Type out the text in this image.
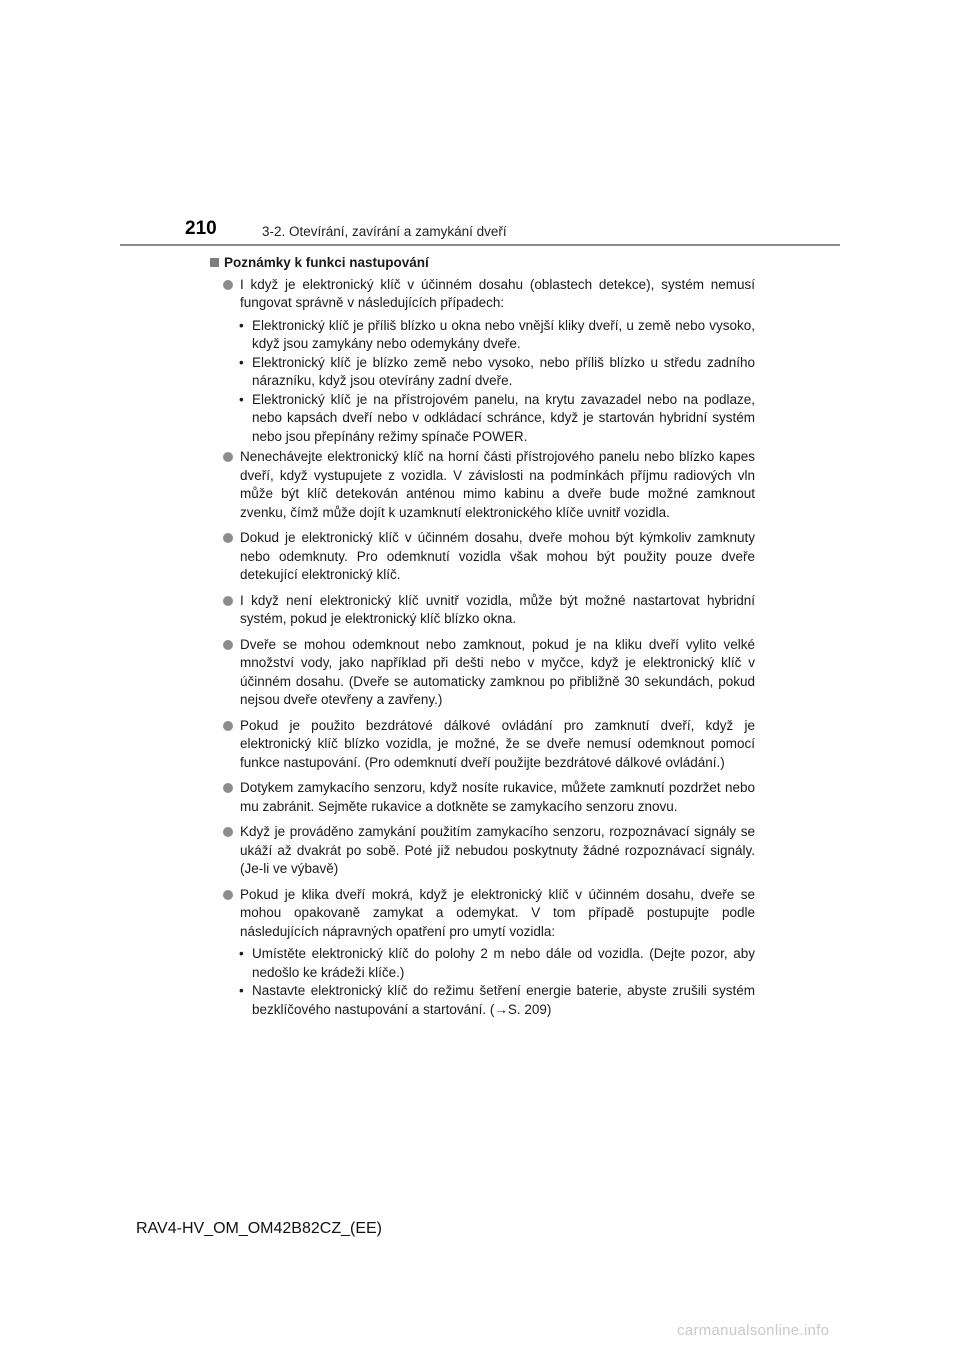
210	3-2. Otevírání, zavírání a zamykání dveří
Poznámky k funkci nastupování
I když je elektronický klíč v účinném dosahu (oblastech detekce), systém nemusí fungovat správně v následujících případech:
• Elektronický klíč je příliš blízko u okna nebo vnější kliky dveří, u země nebo vysoko, když jsou zamykány nebo odemykány dveře.
• Elektronický klíč je blízko země nebo vysoko, nebo příliš blízko u středu zadního nárazníku, když jsou otevírány zadní dveře.
• Elektronický klíč je na přístrojovém panelu, na krytu zavazadel nebo na podlaze, nebo kapsách dveří nebo v odkládací schránce, když je startován hybridní systém nebo jsou přepínány režimy spínače POWER.
Nenechávejte elektronický klíč na horní části přístrojového panelu nebo blízko kapes dveří, když vystupujete z vozidla. V závislosti na podmínkách příjmu radiových vln může být klíč detekován anténou mimo kabinu a dveře bude možné zamknout zvenku, čímž může dojít k uzamknutí elektronického klíče uvnitř vozidla.
Dokud je elektronický klíč v účinném dosahu, dveře mohou být kýmkoliv zamknuty nebo odemknuty. Pro odemknutí vozidla však mohou být použity pouze dveře detekující elektronický klíč.
I když není elektronický klíč uvnitř vozidla, může být možné nastartovat hybridní systém, pokud je elektronický klíč blízko okna.
Dveře se mohou odemknout nebo zamknout, pokud je na kliku dveří vylito velké množství vody, jako například při dešti nebo v myčce, když je elektronický klíč v účinném dosahu. (Dveře se automaticky zamknou po přibližně 30 sekundách, pokud nejsou dveře otevřeny a zavřeny.)
Pokud je použito bezdrátové dálkové ovládání pro zamknutí dveří, když je elektronický klíč blízko vozidla, je možné, že se dveře nemusí odemknout pomocí funkce nastupování. (Pro odemknutí dveří použijte bezdrátové dálkové ovládání.)
Dotykem zamykacího senzoru, když nosíte rukavice, můžete zamknutí pozdržet nebo mu zabránit. Sejměte rukavice a dotkněte se zamykacího senzoru znovu.
Když je prováděno zamykání použitím zamykacího senzoru, rozpoznávací signály se ukáží až dvakrát po sobě. Poté již nebudou poskytnuty žádné rozpoznávací signály. (Je-li ve výbavě)
Pokud je klika dveří mokrá, když je elektronický klíč v účinném dosahu, dveře se mohou opakovaně zamykat a odemykat. V tom případě postupujte podle následujících nápravných opatření pro umytí vozidla:
• Umístěte elektronický klíč do polohy 2 m nebo dále od vozidla. (Dejte pozor, aby nedošlo ke krádeži klíče.)
• Nastavte elektronický klíč do režimu šetření energie baterie, abyste zrušili systém bezklíčového nastupování a startování. (→S. 209)
RAV4-HV_OM_OM42B82CZ_(EE)
carmanualsonline.info
